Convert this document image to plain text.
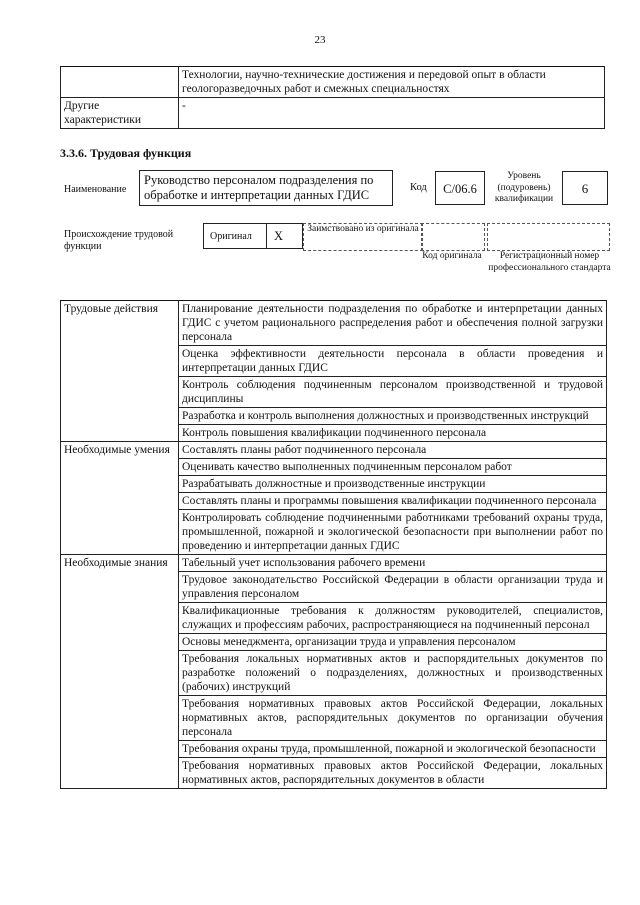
23
	Технологии, научно-технические достижения и передовой опыт в области геологоразведочных работ и смежных специальностях
Другие характеристики	-
3.3.6. Трудовая функция
Наименование
Руководство персоналом подразделения по обработке и интерпретации данных ГДИС
Код	C/06.6
Уровень (подуровень) квалификации
6
Происхождение трудовой функции
Оригинал Х	Заимствовано из оригинала
Код оригинала	Регистрационный номер профессионального стандарта
Трудовые действия	Планирование деятельности подразделения по обработке и интерпретации данных ГДИС с учетом рационального распределения работ и обеспечения полной загрузки персонала
	Оценка эффективности деятельности персонала в области проведения и интерпретации данных ГДИС
	Контроль соблюдения подчиненным персоналом производственной и трудовой дисциплины
	Разработка и контроль выполнения должностных и производственных инструкций
	Контроль повышения квалификации подчиненного персонала
Необходимые умения	Составлять планы работ подчиненного персонала
	Оценивать качество выполненных подчиненным персоналом работ
	Разрабатывать должностные и производственные инструкции
	Составлять планы и программы повышения квалификации подчиненного персонала
	Контролировать соблюдение подчиненными работниками требований охраны труда, промышленной, пожарной и экологической безопасности при выполнении работ по проведению и интерпретации данных ГДИС
Необходимые знания	Табельный учет использования рабочего времени
	Трудовое законодательство Российской Федерации в области организации труда и управления персоналом
	Квалификационные требования к должностям руководителей, специалистов, служащих и профессиям рабочих, распространяющиеся на подчиненный персонал
	Основы менеджмента, организации труда и управления персоналом
	Требования локальных нормативных актов и распорядительных документов по разработке положений о подразделениях, должностных и производственных (рабочих) инструкций
	Требования нормативных правовых актов Российской Федерации, локальных нормативных актов, распорядительных документов по организации обучения персонала
	Требования охраны труда, промышленной, пожарной и экологической безопасности
	Требования нормативных правовых актов Российской Федерации, локальных нормативных актов, распорядительных документов в области
